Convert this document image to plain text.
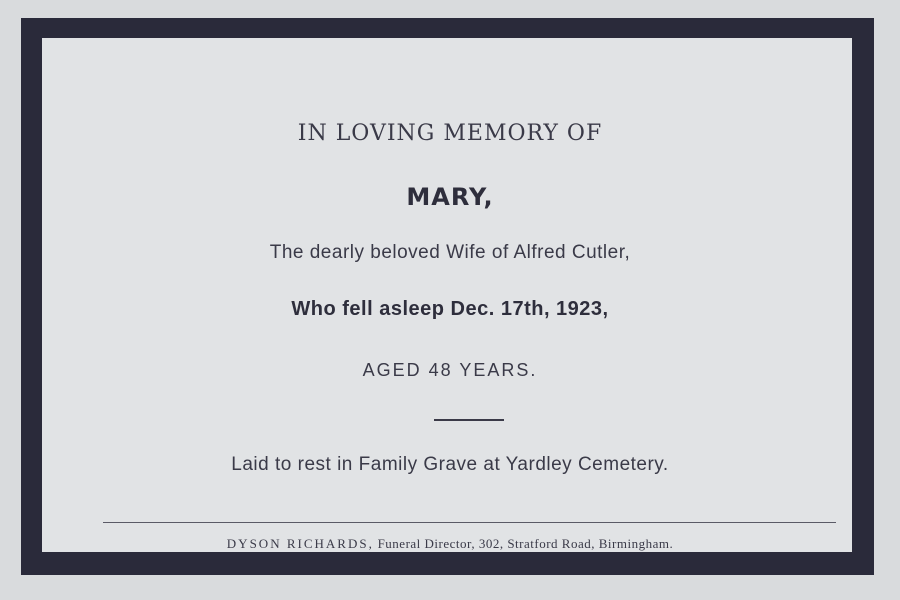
IN LOVING MEMORY OF
MARY,
The dearly beloved Wife of Alfred Cutler,
Who fell asleep Dec. 17th, 1923,
AGED 48 YEARS.
Laid to rest in Family Grave at Yardley Cemetery.
DYSON RICHARDS, Funeral Director, 302, Stratford Road, Birmingham.
